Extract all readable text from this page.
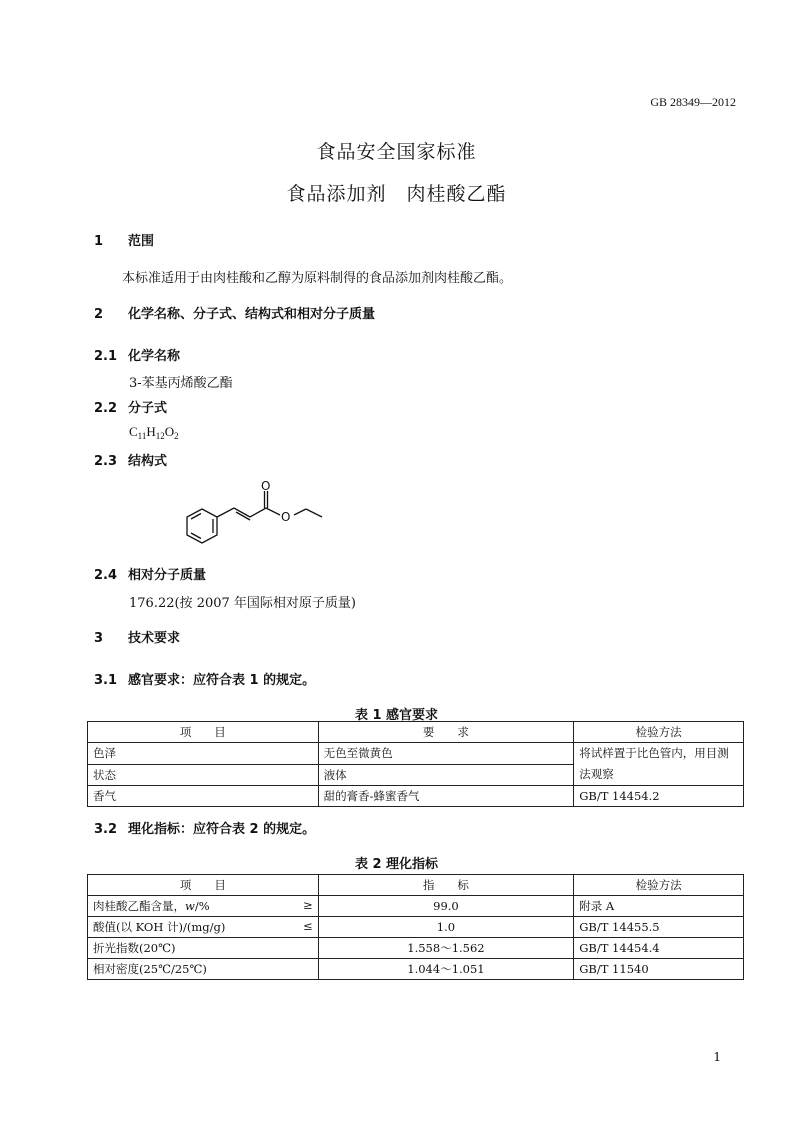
GB 28349—2012
食品安全国家标准
食品添加剂　肉桂酸乙酯
1 范围
本标准适用于由肉桂酸和乙醇为原料制得的食品添加剂肉桂酸乙酯。
2 化学名称、分子式、结构式和相对分子质量
2.1 化学名称
3-苯基丙烯酸乙酯
2.2 分子式
$C_{11}H_{12}O_2$
2.3 结构式
O
O
2.4 相对分子质量
176.22(按 2007 年国际相对原子质量)
3 技术要求
3.1 感官要求：应符合表 1 的规定。
表 1 感官要求
项　　目	要　　求	检验方法
色泽	无色至微黄色	将试样置于比色管内，用目测法观察
状态	液体	
香气	甜的膏香-蜂蜜香气	GB/T 14454.2
3.2 理化指标：应符合表 2 的规定。
表 2 理化指标
项　　目	指　　标	检验方法
肉桂酸乙酯含量，w/% ≥	99.0	附录 A
酸值(以 KOH 计)/(mg/g) ≤	1.0	GB/T 14455.5
折光指数(20℃)	1.558～1.562	GB/T 14454.4
相对密度(25℃/25℃)	1.044～1.051	GB/T 11540
1
